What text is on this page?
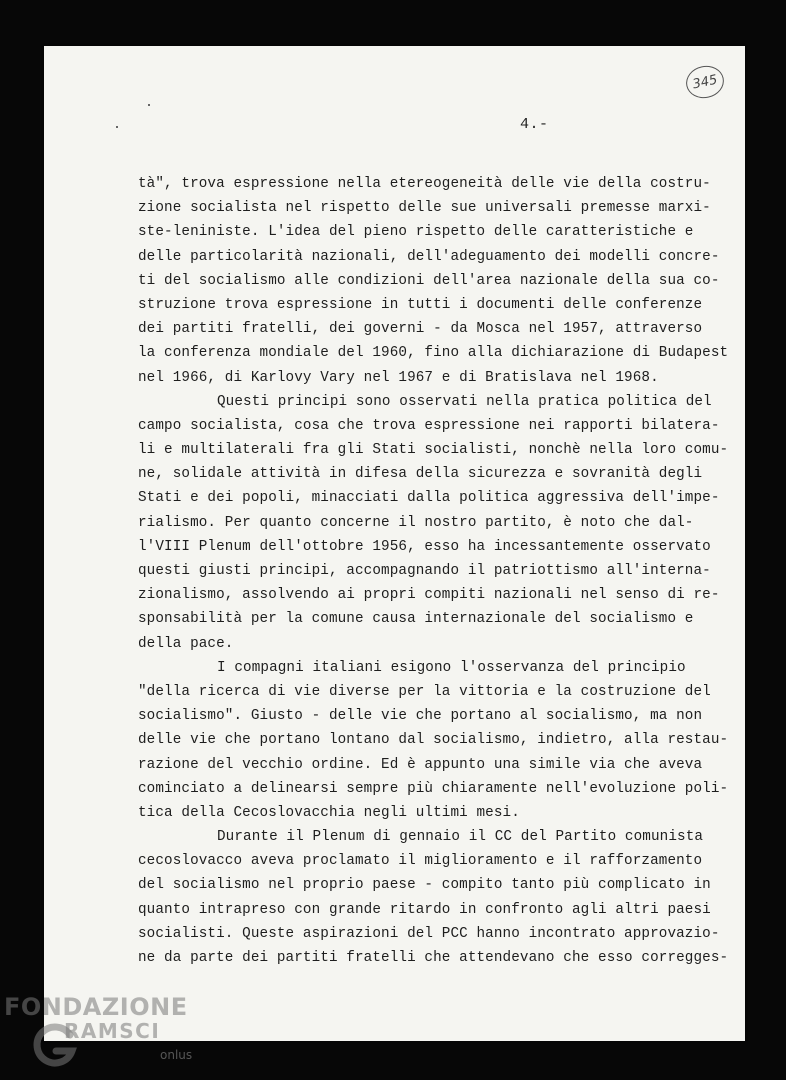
345
4.-
tà", trova espressione nella etereogeneità delle vie della costru-
zione socialista nel rispetto delle sue universali premesse marxi-
ste-leniniste. L'idea del pieno rispetto delle caratteristiche e
delle particolarità nazionali, dell'adeguamento dei modelli concre-
ti del socialismo alle condizioni dell'area nazionale della sua co-
struzione trova espressione in tutti i documenti delle conferenze
dei partiti fratelli, dei governi - da Mosca nel 1957, attraverso
la conferenza mondiale del 1960, fino alla dichiarazione di Budapest
nel 1966, di Karlovy Vary nel 1967 e di Bratislava nel 1968.
Questi principi sono osservati nella pratica politica del
campo socialista, cosa che trova espressione nei rapporti bilatera-
li e multilaterali fra gli Stati socialisti, nonchè nella loro comu-
ne, solidale attività in difesa della sicurezza e sovranità degli
Stati e dei popoli, minacciati dalla politica aggressiva dell'impe-
rialismo. Per quanto concerne il nostro partito, è noto che dal-
l'VIII Plenum dell'ottobre 1956, esso ha incessantemente osservato
questi giusti principi, accompagnando il patriottismo all'interna-
zionalismo, assolvendo ai propri compiti nazionali nel senso di re-
sponsabilità per la comune causa internazionale del socialismo e
della pace.
I compagni italiani esigono l'osservanza del principio
"della ricerca di vie diverse per la vittoria e la costruzione del
socialismo". Giusto - delle vie che portano al socialismo, ma non
delle vie che portano lontano dal socialismo, indietro, alla restau-
razione del vecchio ordine. Ed è appunto una simile via che aveva
cominciato a delinearsi sempre più chiaramente nell'evoluzione poli-
tica della Cecoslovacchia negli ultimi mesi.
Durante il Plenum di gennaio il CC del Partito comunista
cecoslovacco aveva proclamato il miglioramento e il rafforzamento
del socialismo nel proprio paese - compito tanto più complicato in
quanto intrapreso con grande ritardo in confronto agli altri paesi
socialisti. Queste aspirazioni del PCC hanno incontrato approvazio-
ne da parte dei partiti fratelli che attendevano che esso corregges-
FONDAZIONE
RAMSCI
onlus
